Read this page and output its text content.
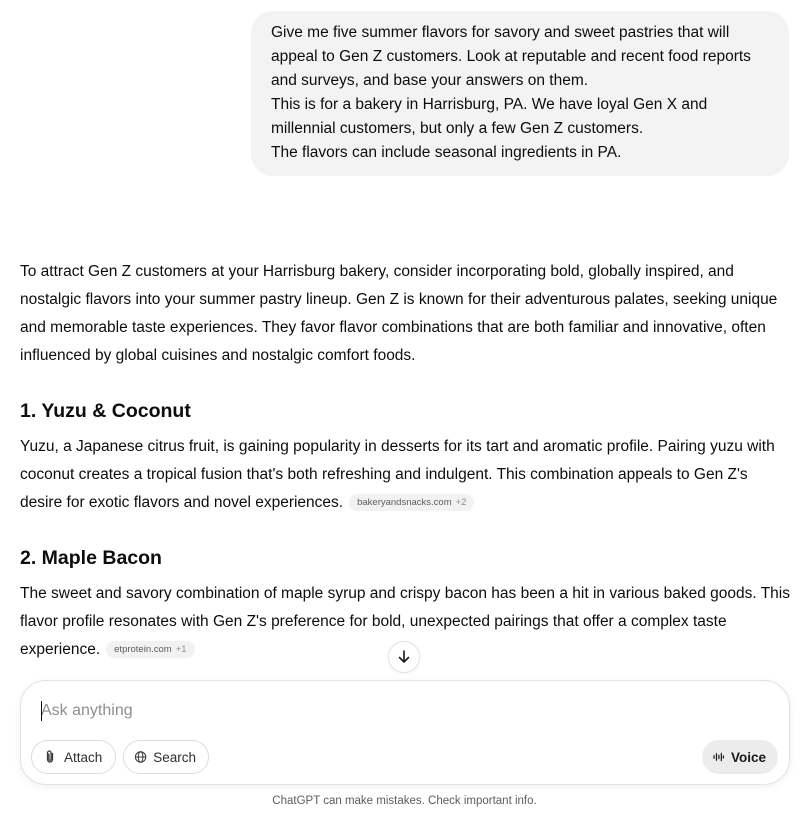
Give me five summer flavors for savory and sweet pastries that will appeal to Gen Z customers. Look at reputable and recent food reports and surveys, and base your answers on them.

This is for a bakery in Harrisburg, PA. We have loyal Gen X and millennial customers, but only a few Gen Z customers.

The flavors can include seasonal ingredients in PA.

To attract Gen Z customers at your Harrisburg bakery, consider incorporating bold, globally inspired, and nostalgic flavors into your summer pastry lineup. Gen Z is known for their adventurous palates, seeking unique and memorable taste experiences. They favor flavor combinations that are both familiar and innovative, often influenced by global cuisines and nostalgic comfort foods.

1. Yuzu & Coconut

Yuzu, a Japanese citrus fruit, is gaining popularity in desserts for its tart and aromatic profile. Pairing yuzu with coconut creates a tropical fusion that's both refreshing and indulgent. This combination appeals to Gen Z's desire for exotic flavors and novel experiences. bakeryandsnacks.com +2

2. Maple Bacon

The sweet and savory combination of maple syrup and crispy bacon has been a hit in various baked goods. This flavor profile resonates with Gen Z's preference for bold, unexpected pairings that offer a complex taste experience. etprotein.com +1

Ask anything
Attach	Search	Voice
ChatGPT can make mistakes. Check important info.
